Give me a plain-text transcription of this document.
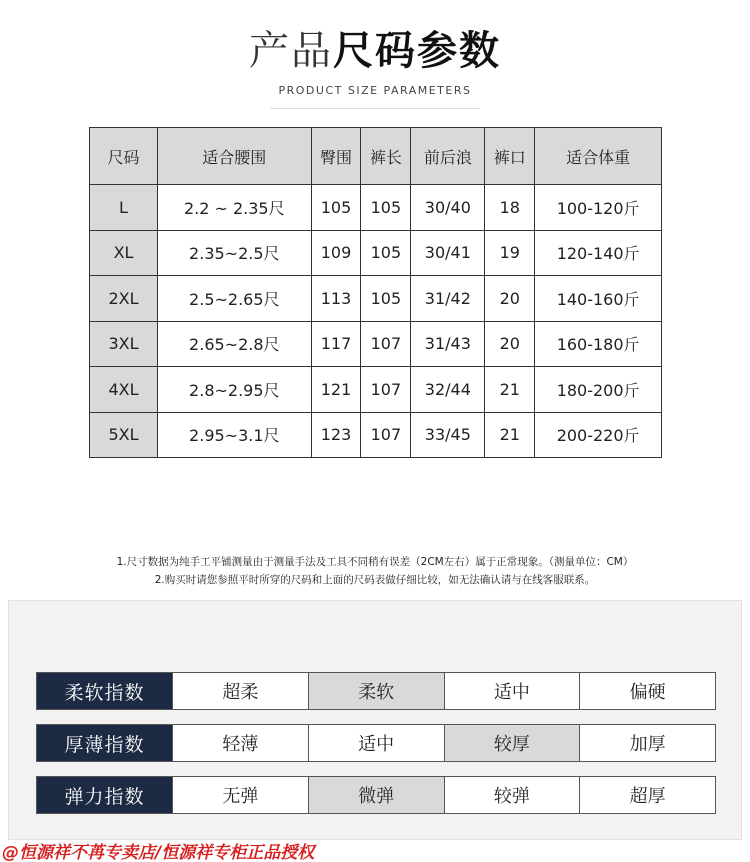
产品尺码参数
PRODUCT SIZE PARAMETERS
尺码	适合腰围	臀围	裤长	前后浪	裤口	适合体重
L	2.2 ~ 2.35尺	105	105	30/40	18	100-120斤
XL	2.35~2.5尺	109	105	30/41	19	120-140斤
2XL	2.5~2.65尺	113	105	31/42	20	140-160斤
3XL	2.65~2.8尺	117	107	31/43	20	160-180斤
4XL	2.8~2.95尺	121	107	32/44	21	180-200斤
5XL	2.95~3.1尺	123	107	33/45	21	200-220斤
1.尺寸数据为纯手工平铺测量由于测量手法及工具不同稍有误差（2CM左右）属于正常现象。（测量单位：CM）
2.购买时请您参照平时所穿的尺码和上面的尺码表做仔细比较，如无法确认请与在线客服联系。
柔软指数	超柔	柔软	适中	偏硬
厚薄指数	轻薄	适中	较厚	加厚
弹力指数	无弹	微弹	较弹	超厚
@恒源祥不苒专卖店/恒源祥专柜正品授权
